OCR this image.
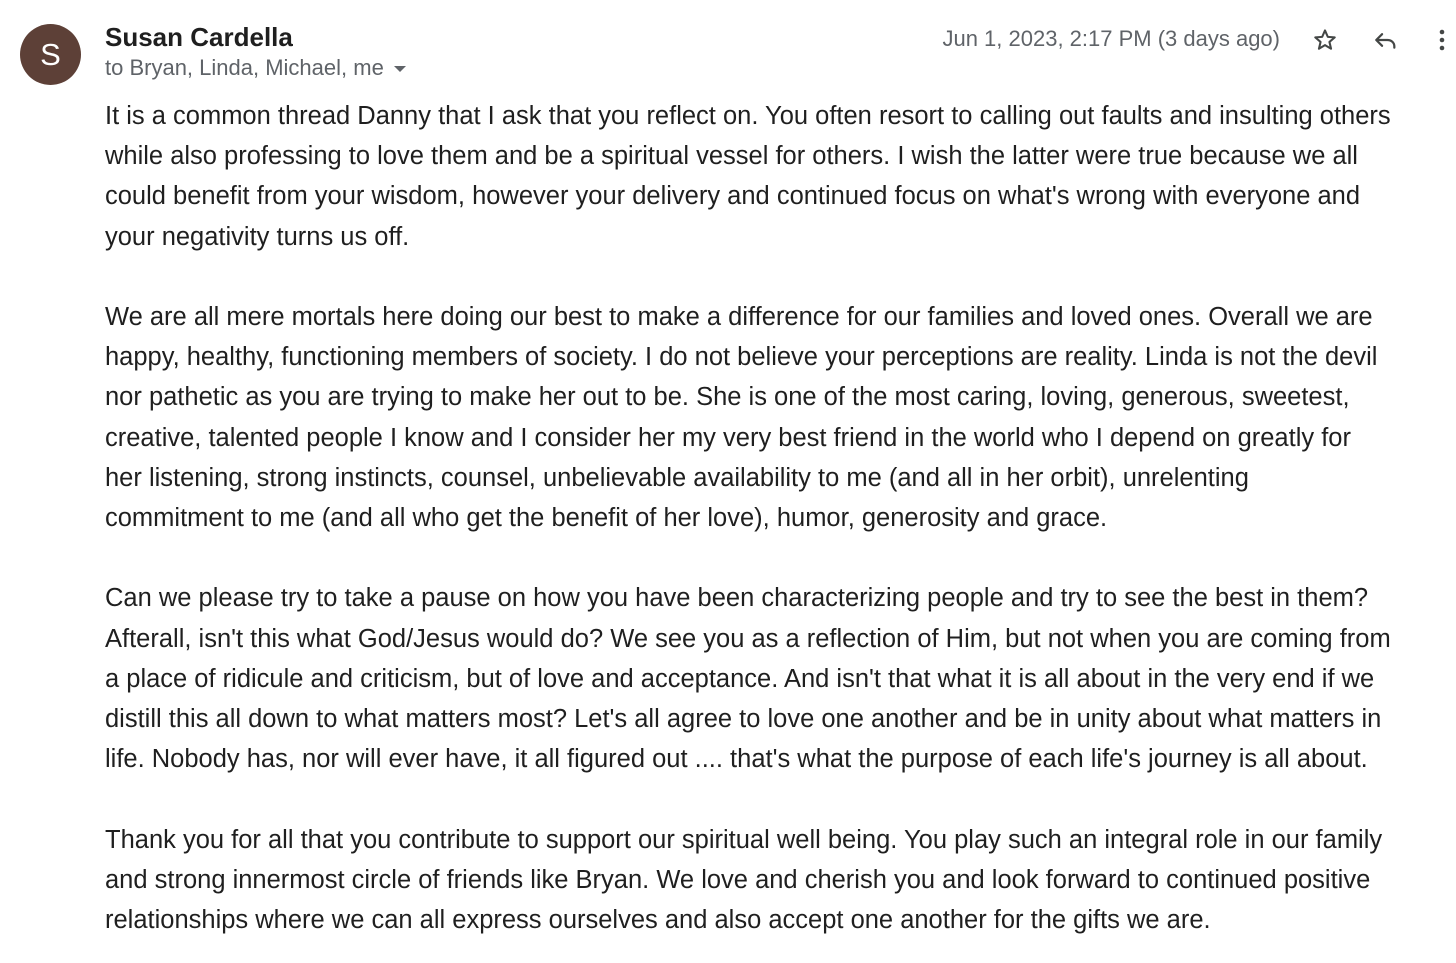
S Susan Cardella
to Bryan, Linda, Michael, me
Jun 1, 2023, 2:17 PM (3 days ago)

It is a common thread Danny that I ask that you reflect on. You often resort to calling out faults and insulting others
while also professing to love them and be a spiritual vessel for others. I wish the latter were true because we all
could benefit from your wisdom, however your delivery and continued focus on what's wrong with everyone and
your negativity turns us off.

We are all mere mortals here doing our best to make a difference for our families and loved ones. Overall we are
happy, healthy, functioning members of society. I do not believe your perceptions are reality. Linda is not the devil
nor pathetic as you are trying to make her out to be. She is one of the most caring, loving, generous, sweetest,
creative, talented people I know and I consider her my very best friend in the world who I depend on greatly for
her listening, strong instincts, counsel, unbelievable availability to me (and all in her orbit), unrelenting
commitment to me (and all who get the benefit of her love), humor, generosity and grace.

Can we please try to take a pause on how you have been characterizing people and try to see the best in them?
Afterall, isn't this what God/Jesus would do? We see you as a reflection of Him, but not when you are coming from
a place of ridicule and criticism, but of love and acceptance. And isn't that what it is all about in the very end if we
distill this all down to what matters most? Let's all agree to love one another and be in unity about what matters in
life. Nobody has, nor will ever have, it all figured out .... that's what the purpose of each life's journey is all about.

Thank you for all that you contribute to support our spiritual well being. You play such an integral role in our family
and strong innermost circle of friends like Bryan. We love and cherish you and look forward to continued positive
relationships where we can all express ourselves and also accept one another for the gifts we are.
